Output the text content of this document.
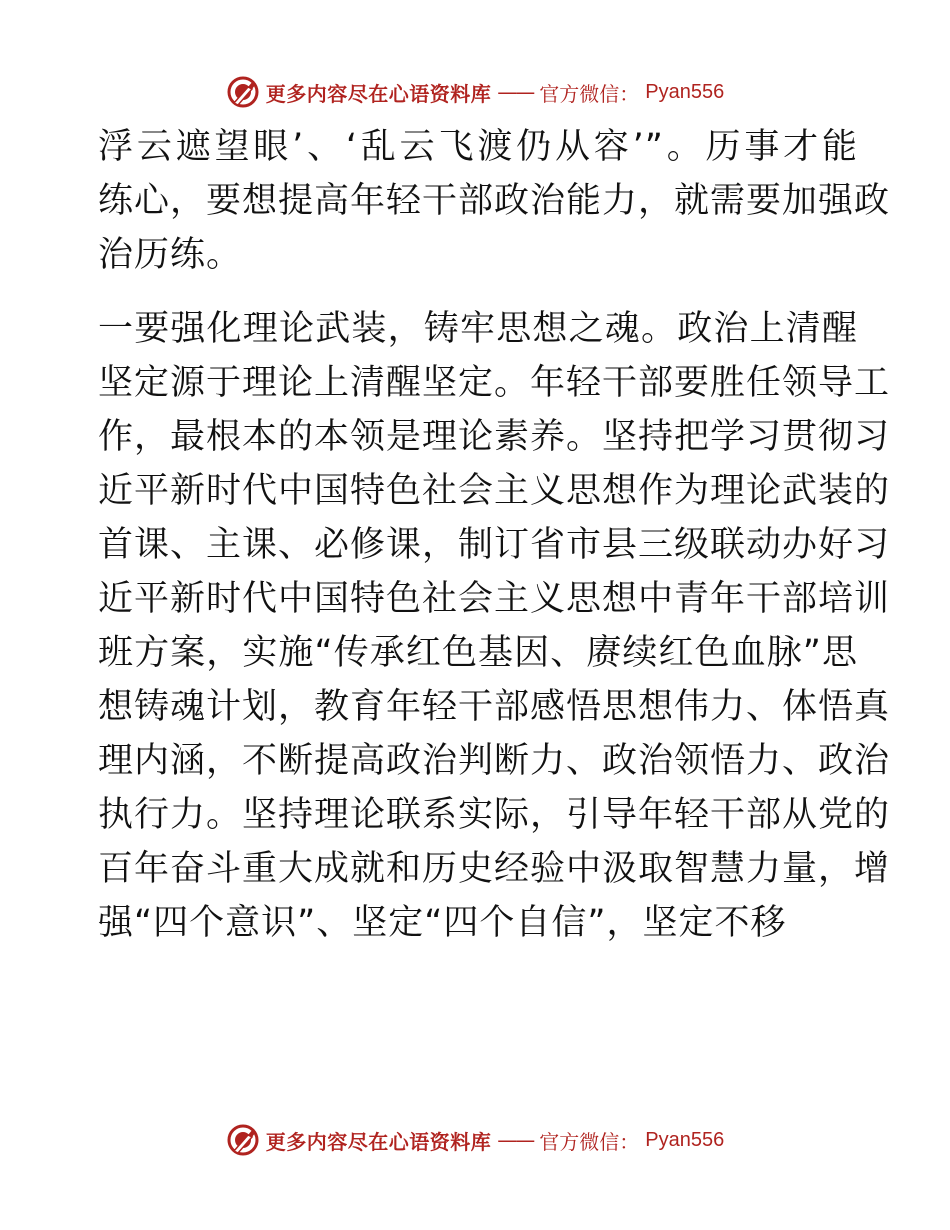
更多内容尽在心语资料库 —— 官方微信： Pyan556
浮云遮望眼’、‘乱云飞渡仍从容’”。历事才能
练心，要想提高年轻干部政治能力，就需要加强政
治历练。
一要强化理论武装，铸牢思想之魂。政治上清醒
坚定源于理论上清醒坚定。年轻干部要胜任领导工
作，最根本的本领是理论素养。坚持把学习贯彻习
近平新时代中国特色社会主义思想作为理论武装的
首课、主课、必修课，制订省市县三级联动办好习
近平新时代中国特色社会主义思想中青年干部培训
班方案，实施“传承红色基因、赓续红色血脉”思
想铸魂计划，教育年轻干部感悟思想伟力、体悟真
理内涵，不断提高政治判断力、政治领悟力、政治
执行力。坚持理论联系实际，引导年轻干部从党的
百年奋斗重大成就和历史经验中汲取智慧力量，增
强“四个意识”、坚定“四个自信”，坚定不移
更多内容尽在心语资料库 —— 官方微信： Pyan556
